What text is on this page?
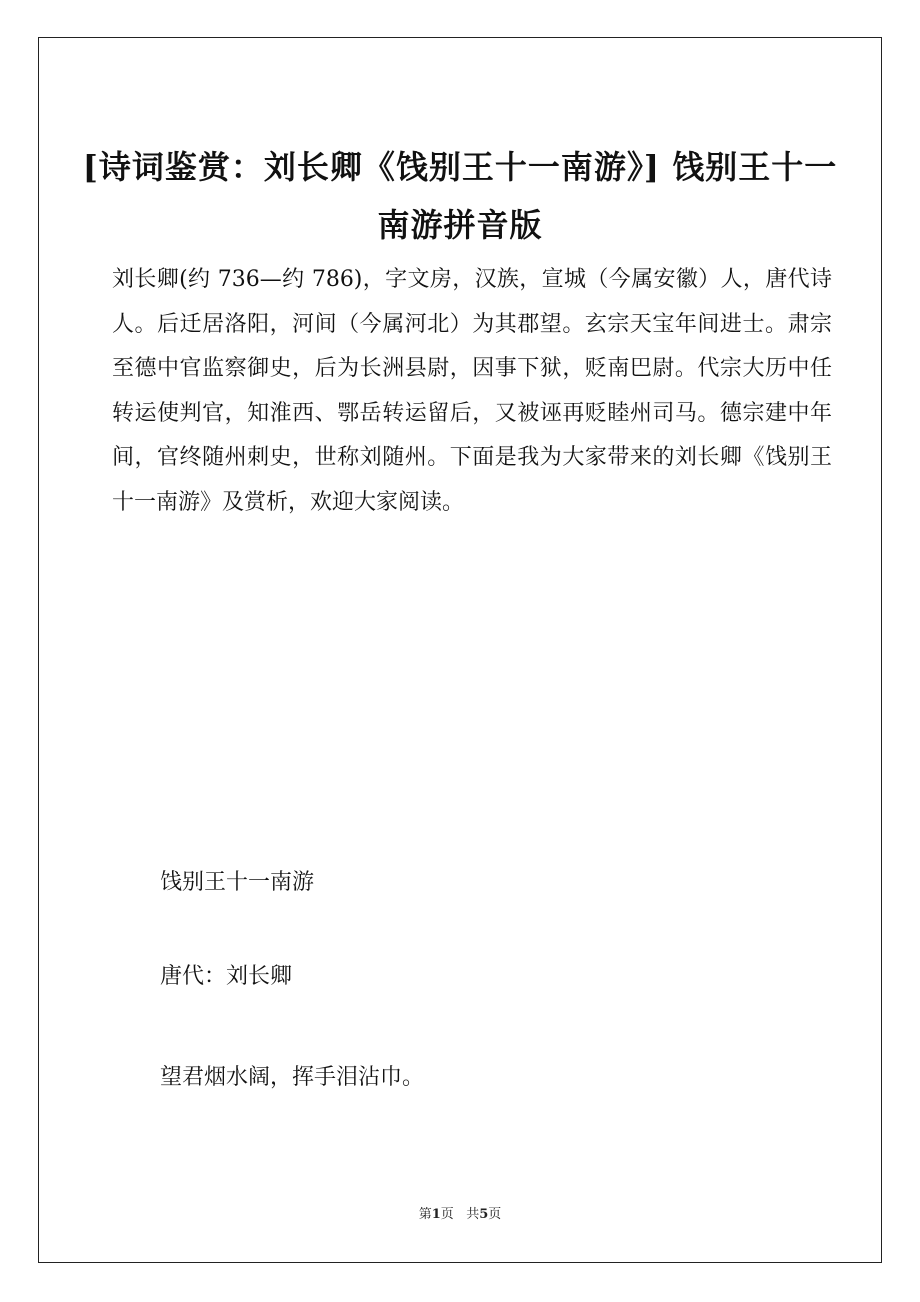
[诗词鉴赏：刘长卿《饯别王十一南游》] 饯别王十一南游拼音版

刘长卿(约 736—约 786)，字文房，汉族，宣城（今属安徽）人，唐代诗人。后迁居洛阳，河间（今属河北）为其郡望。玄宗天宝年间进士。肃宗至德中官监察御史，后为长洲县尉，因事下狱，贬南巴尉。代宗大历中任转运使判官，知淮西、鄂岳转运留后，又被诬再贬睦州司马。德宗建中年间，官终随州刺史，世称刘随州。下面是我为大家带来的刘长卿《饯别王十一南游》及赏析，欢迎大家阅读。

饯别王十一南游

唐代：刘长卿

望君烟水阔，挥手泪沾巾。

第1页   共5页
